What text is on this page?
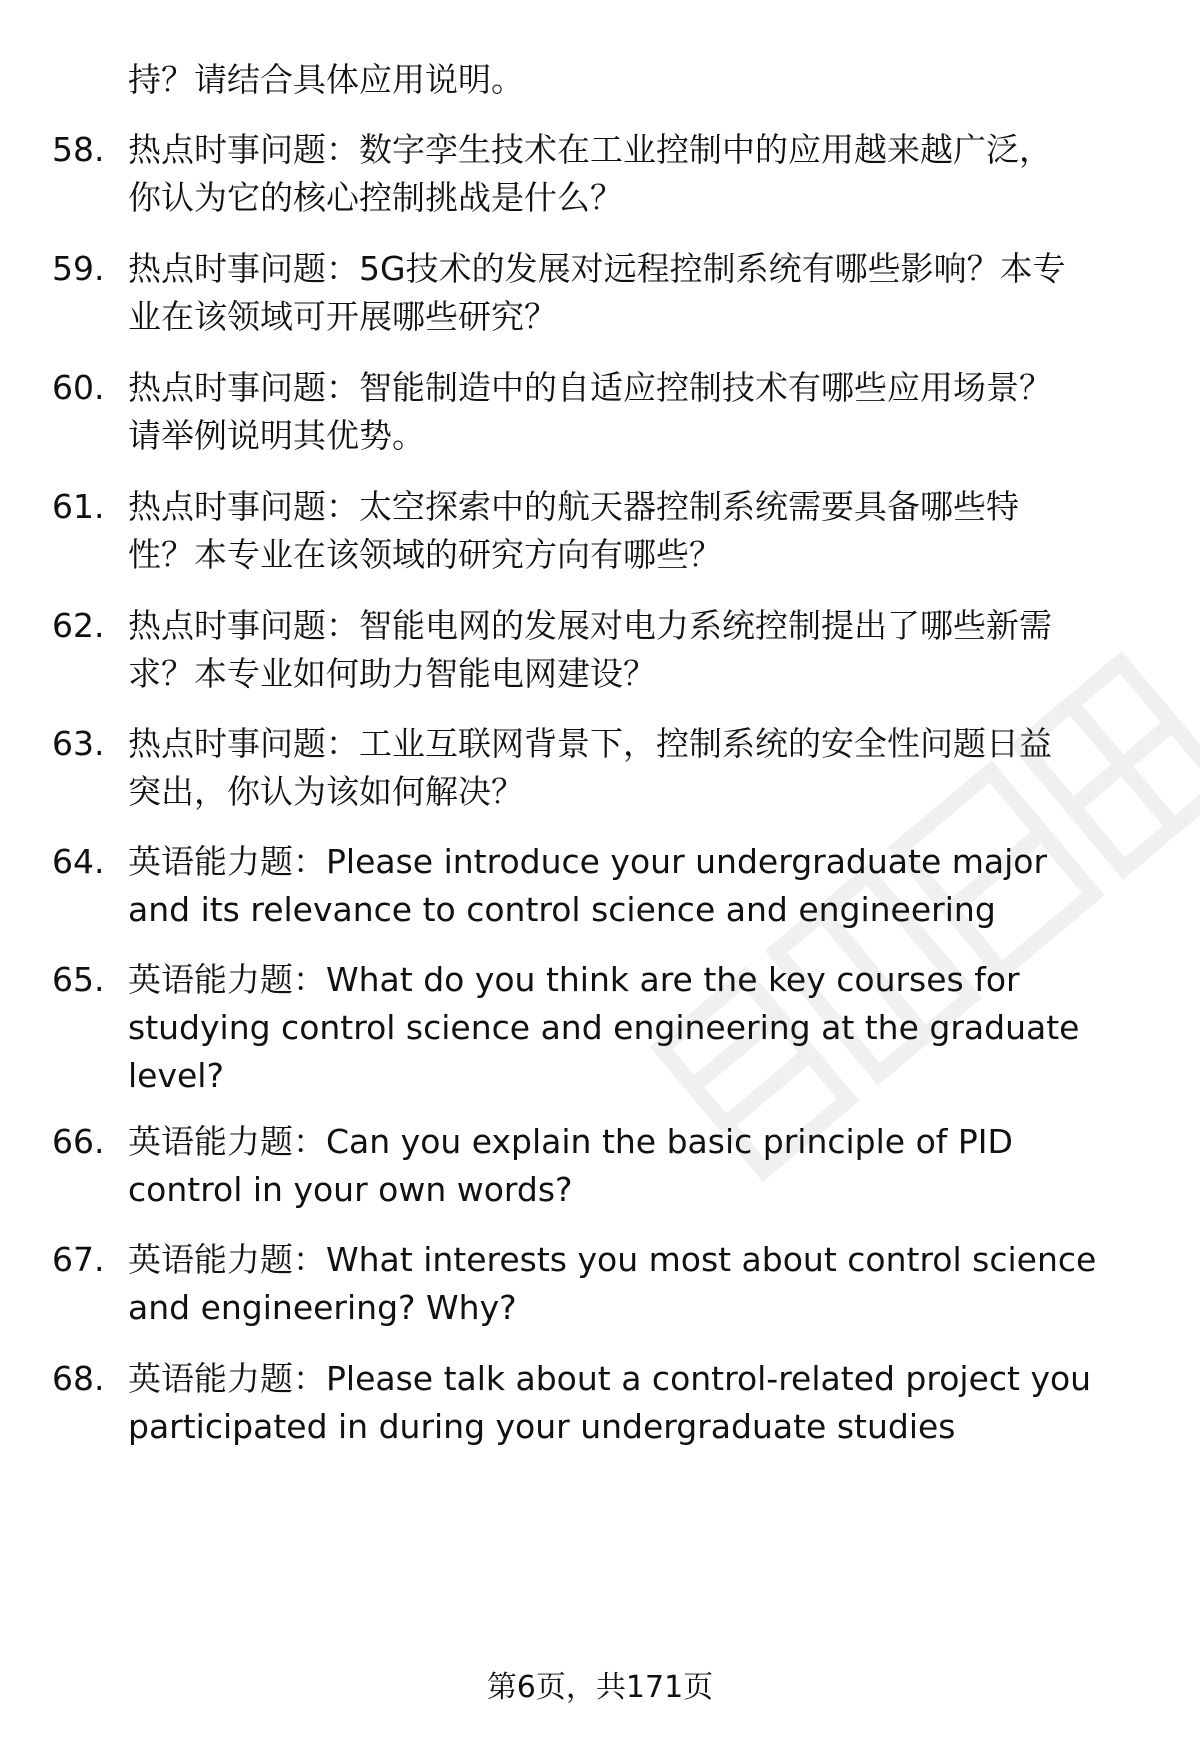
持？请结合具体应用说明。

58. 热点时事问题：数字孪生技术在工业控制中的应用越来越广泛，
你认为它的核心控制挑战是什么？
59. 热点时事问题：5G技术的发展对远程控制系统有哪些影响？本专
业在该领域可开展哪些研究？
60. 热点时事问题：智能制造中的自适应控制技术有哪些应用场景？
请举例说明其优势。
61. 热点时事问题：太空探索中的航天器控制系统需要具备哪些特
性？本专业在该领域的研究方向有哪些？
62. 热点时事问题：智能电网的发展对电力系统控制提出了哪些新需
求？本专业如何助力智能电网建设？
63. 热点时事问题：工业互联网背景下，控制系统的安全性问题日益
突出，你认为该如何解决？
64. 英语能力题：Please introduce your undergraduate major
and its relevance to control science and engineering
65. 英语能力题：What do you think are the key courses for
studying control science and engineering at the graduate
level?
66. 英语能力题：Can you explain the basic principle of PID
control in your own words?
67. 英语能力题：What interests you most about control science
and engineering? Why?
68. 英语能力题：Please talk about a control-related project you
participated in during your undergraduate studies
第6页，共171页
